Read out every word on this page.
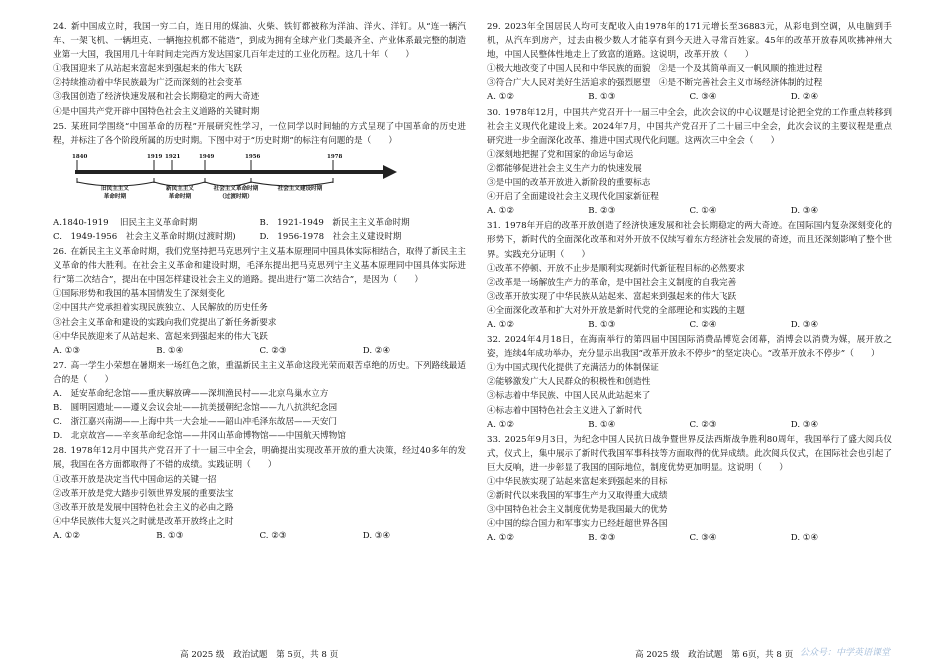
24. 新中国成立时，我国一穷二白，连日用的煤油、火柴、铁钉都被称为洋油、洋火、洋钉。从“连一辆汽车、一架飞机、一辆坦克、一辆拖拉机都不能造”，到成为拥有全球产业门类最齐全、产业体系最完整的制造业第一大国，我国用几十年时间走完西方发达国家几百年走过的工业化历程。这几十年（　　）
①我国迎来了从站起来富起来到强起来的伟大飞跃
②持续推动着中华民族最为广泛而深刻的社会变革
③我国创造了经济快速发展和社会长期稳定的两大奇迹
④是中国共产党开辟中国特色社会主义道路的关键时期
25. 某班同学围绕“中国革命的历程”开展研究性学习，一位同学以时间轴的方式呈现了中国革命的历史进程，并标注了各个阶段所属的历史时期。下图中对于“历史时期”的标注有问题的是（　　）
1840	1919 1921	1949	1956	1978
旧民主主义
革命时期
新民主主义
革命时期
社会主义革命时期
（过渡时期）
社会主义建设时期
A.1840-1919　 旧民主主义革命时期	B.　1921-1949　新民主主义革命时期
C.　1949-1956　社会主义革命时期(过渡时期)	D.　1956-1978　社会主义建设时期
26. 在新民主主义革命时期，我们党坚持把马克思列宁主义基本原理同中国具体实际相结合，取得了新民主主义革命的伟大胜利。在社会主义革命和建设时期，毛泽东提出把马克思列宁主义基本原理同中国具体实际进行“第二次结合”，提出在中国怎样建设社会主义的道路。提出进行“第二次结合”，是因为（　　）
①国际形势和我国的基本国情发生了深刻变化
②中国共产党承担着实现民族独立、人民解放的历史任务
③社会主义革命和建设的实践向我们党提出了新任务新要求
④中华民族迎来了从站起来、富起来到强起来的伟大飞跃
A. ①③	B. ①④	C. ②③	D. ②④
27. 高一学生小荣想在暑期来一场红色之旅，重温新民主主义革命这段光荣而艰苦卓绝的历史。下列路线最适合的是（　　）
A.　延安革命纪念馆——重庆解放碑——深圳渔民村——北京鸟巢水立方
B.　圆明园遗址——遵义会议会址——抗美援朝纪念馆——九八抗洪纪念园
C.　浙江嘉兴南湖——上海中共一大会址——韶山冲毛泽东故居——天安门
D.　北京故宫——辛亥革命纪念馆——井冈山革命博物馆——中国航天博物馆
28. 1978年12月中国共产党召开了十一届三中全会，明确提出实现改革开放的重大决策，经过40多年的发展，我国在各方面都取得了不错的成绩。实践证明（　　）
①改革开放是决定当代中国命运的关键一招
②改革开放是党大踏步引领世界发展的重要法宝
③改革开放是发展中国特色社会主义的必由之路
④中华民族伟大复兴之时就是改革开放终止之时
A. ①②	B. ①③	C. ②③	D. ③④
29. 2023年全国居民人均可支配收入由1978年的171元增长至36883元，从彩电到空调，从电脑到手机，从汽车到房产，过去由极少数人才能享有到今天进入寻常百姓家。45年的改革开放春风吹拂神州大地，中国人民整体性地走上了致富的道路。这说明，改革开放（　　）
①极大地改变了中国人民和中华民族的面貌　②是一个及其简单而又一帆风顺的推进过程
③符合广大人民对美好生活追求的强烈愿望　④是不断完善社会主义市场经济体制的过程
A. ①②	B. ①③	C. ③④	D. ②④
30. 1978年12月，中国共产党召开十一届三中全会，此次会议的中心议题是讨论把全党的工作重点转移到社会主义现代化建设上来。2024年7月，中国共产党召开了二十届三中全会，此次会议的主要议程是重点研究进一步全面深化改革、推进中国式现代化问题。这两次三中全会（　　）
①深刻地把握了党和国家的命运与命运
②都能够促进社会主义生产力的快速发展
③是中国的改革开放进入新阶段的重要标志
④开启了全面建设社会主义现代化国家新征程
A. ①②	B. ②③	C. ①④	D. ③④
31. 1978年开启的改革开放创造了经济快速发展和社会长期稳定的两大奇迹。在国际国内复杂深刻变化的形势下，新时代的全面深化改革和对外开放不仅续写着东方经济社会发展的奇迹，而且还深刻影响了整个世界。实践充分证明（　　）
①改革不停顿、开放不止步是顺利实现新时代新征程目标的必然要求
②改革是一场解放生产力的革命，是中国社会主义制度的自我完善
③改革开放实现了中华民族从站起来、富起来到强起来的伟大飞跃
④全面深化改革和扩大对外开放是新时代党的全部理论和实践的主题
A. ①②	B. ①③	C. ②④	D. ③④
32. 2024年4月18日，在海南举行的第四届中国国际消费品博览会闭幕，消博会以消费为媒，展开放之姿，连续4年成功举办，充分显示出我国“改革开放永不停步”的坚定决心。“改革开放永不停步”（　　）
①为中国式现代化提供了充满活力的体制保证
②能够激发广大人民群众的积极性和创造性
③标志着中华民族、中国人民从此站起来了
④标志着中国特色社会主义进入了新时代
A. ①②	B. ①④	C. ②③	D. ③④
33. 2025年9月3日，为纪念中国人民抗日战争暨世界反法西斯战争胜利80周年，我国举行了盛大阅兵仪式，仪式上，集中展示了新时代我国军事科技等方面取得的优异成绩。此次阅兵仪式，在国际社会也引起了巨大反响，进一步彰显了我国的国际地位，制度优势更加明显。这说明（　　）
①中华民族实现了站起来富起来到强起来的目标
②新时代以来我国的军事生产力又取得重大成绩
③中国特色社会主义制度优势是我国最大的优势
④中国的综合国力和军事实力已经赶超世界各国
A. ①②	B. ②③	C. ③④	D. ①④
高 2025 级　政治试题　第 5页，共 8 页	高 2025 级　政治试题　第 6页，共 8 页 公众号：中学英语课堂
